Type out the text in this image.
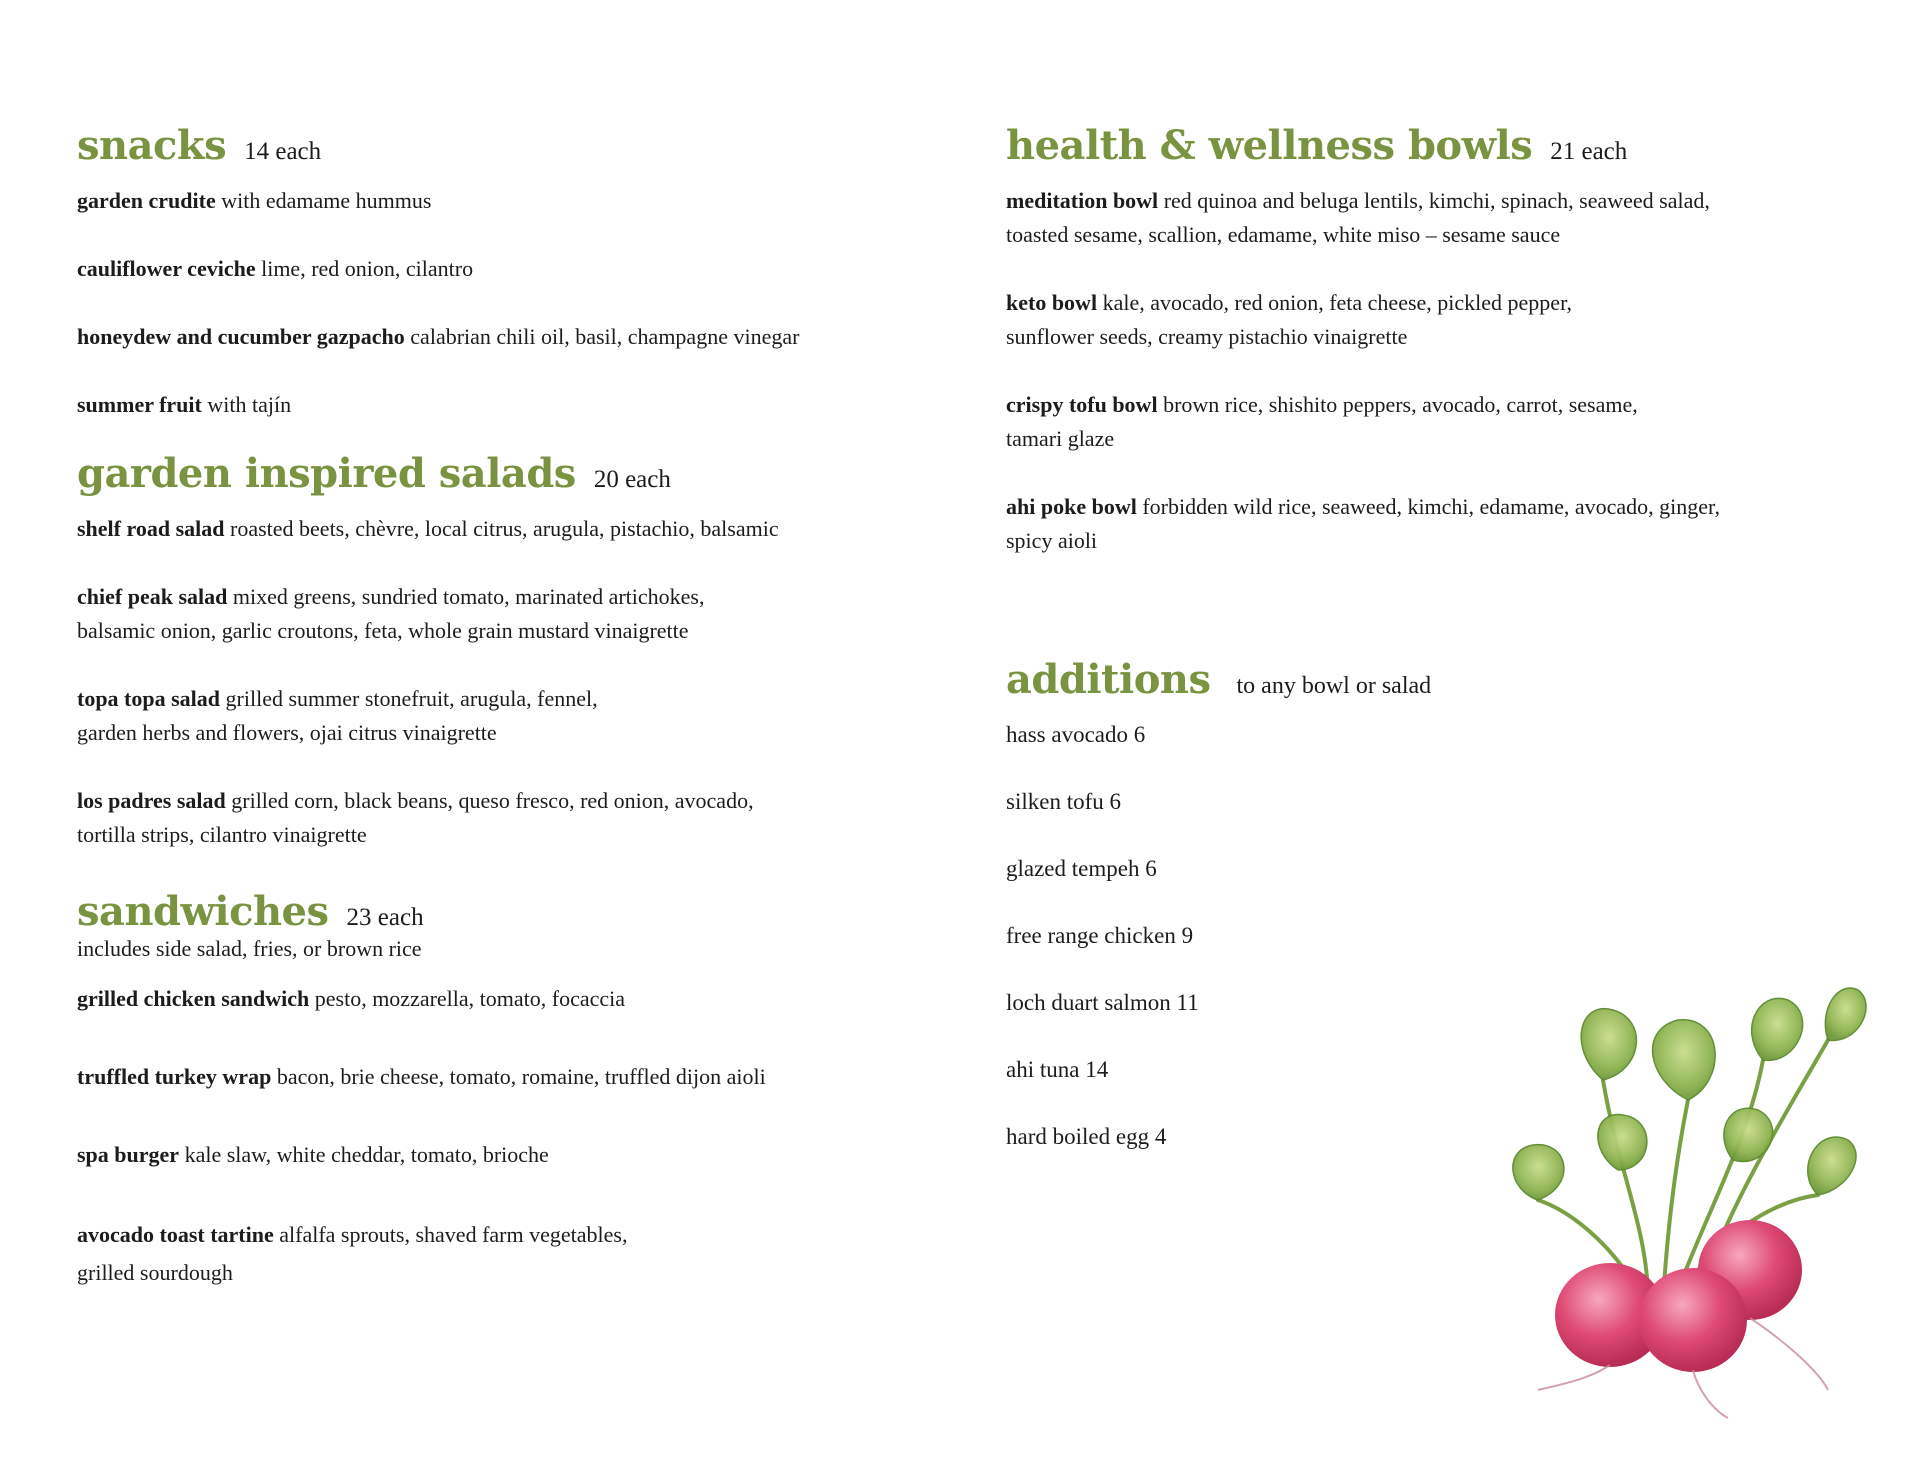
snacks 14 each

garden crudite with edamame hummus

cauliflower ceviche lime, red onion, cilantro

honeydew and cucumber gazpacho calabrian chili oil, basil, champagne vinegar

summer fruit with tajín

garden inspired salads 20 each

shelf road salad roasted beets, chèvre, local citrus, arugula, pistachio, balsamic

chief peak salad mixed greens, sundried tomato, marinated artichokes,
balsamic onion, garlic croutons, feta, whole grain mustard vinaigrette

topa topa salad grilled summer stonefruit, arugula, fennel,
garden herbs and flowers, ojai citrus vinaigrette

los padres salad grilled corn, black beans, queso fresco, red onion, avocado,
tortilla strips, cilantro vinaigrette

sandwiches 23 each

includes side salad, fries, or brown rice

grilled chicken sandwich pesto, mozzarella, tomato, focaccia

truffled turkey wrap bacon, brie cheese, tomato, romaine, truffled dijon aioli

spa burger kale slaw, white cheddar, tomato, brioche

avocado toast tartine alfalfa sprouts, shaved farm vegetables,
grilled sourdough

health & wellness bowls 21 each

meditation bowl red quinoa and beluga lentils, kimchi, spinach, seaweed salad,
toasted sesame, scallion, edamame, white miso – sesame sauce

keto bowl kale, avocado, red onion, feta cheese, pickled pepper,
sunflower seeds, creamy pistachio vinaigrette

crispy tofu bowl brown rice, shishito peppers, avocado, carrot, sesame,
tamari glaze

ahi poke bowl forbidden wild rice, seaweed, kimchi, edamame, avocado, ginger,
spicy aioli

additions to any bowl or salad

hass avocado 6

silken tofu 6

glazed tempeh 6

free range chicken 9

loch duart salmon 11

ahi tuna 14

hard boiled egg 4
